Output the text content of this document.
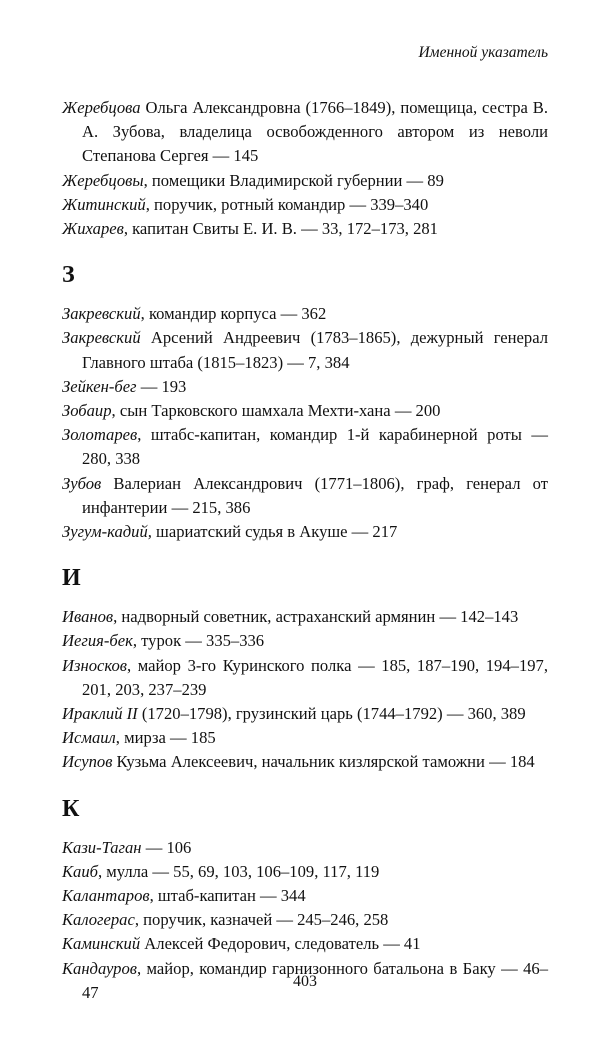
Именной указатель

Жеребцова Ольга Александровна (1766–1849), помещица, сестра В. А. Зубова, владелица освобожденного автором из неволи Степанова Сергея — 145

Жеребцовы, помещики Владимирской губернии — 89

Житинский, поручик, ротный командир — 339–340

Жихарев, капитан Свиты Е. И. В. — 33, 172–173, 281

З

Закревский, командир корпуса — 362

Закревский Арсений Андреевич (1783–1865), дежурный генерал Главного штаба (1815–1823) — 7, 384

Зейкен-бег — 193

Зобаир, сын Тарковского шамхала Мехти-хана — 200

Золотарев, штабс-капитан, командир 1-й карабинерной роты — 280, 338

Зубов Валериан Александрович (1771–1806), граф, генерал от инфантерии — 215, 386

Зугум-кадий, шариатский судья в Акуше — 217

И

Иванов, надворный советник, астраханский армянин — 142–143

Иегия-бек, турок — 335–336

Износков, майор 3-го Куринского полка — 185, 187–190, 194–197, 201, 203, 237–239

Ираклий II (1720–1798), грузинский царь (1744–1792) — 360, 389

Исмаил, мирза — 185

Исупов Кузьма Алексеевич, начальник кизлярской таможни — 184

К

Кази-Таган — 106

Каиб, мулла — 55, 69, 103, 106–109, 117, 119

Калантаров, штаб-капитан — 344

Калогерас, поручик, казначей — 245–246, 258

Каминский Алексей Федорович, следователь — 41

Кандауров, майор, командир гарнизонного батальона в Баку — 46–47

403
